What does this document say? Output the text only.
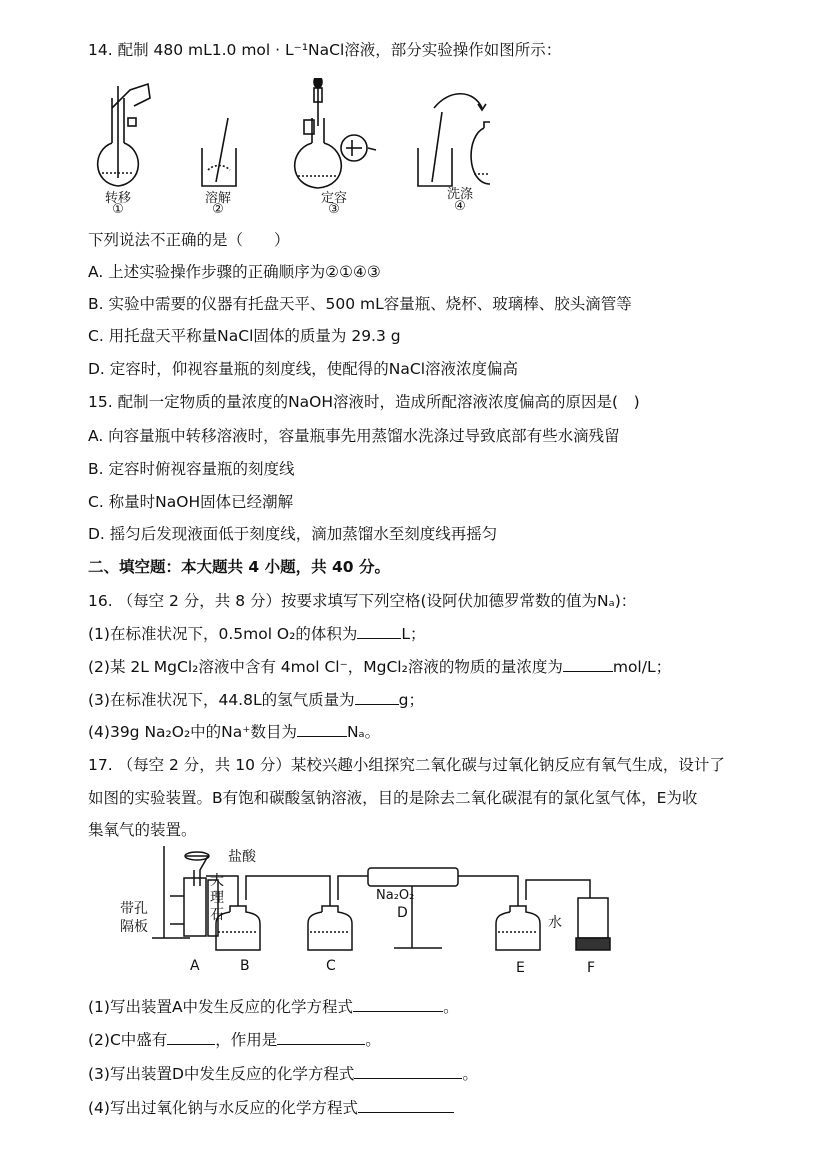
14. 配制 480 mL1.0 mol · L⁻¹NaCl溶液，部分实验操作如图所示：
转移
①
溶解
②
定容
③
洗涤
④
下列说法不正确的是（　　）
A. 上述实验操作步骤的正确顺序为②①④③
B. 实验中需要的仪器有托盘天平、500 mL容量瓶、烧杯、玻璃棒、胶头滴管等
C. 用托盘天平称量NaCl固体的质量为 29.3 g
D. 定容时，仰视容量瓶的刻度线，使配得的NaCl溶液浓度偏高
15. 配制一定物质的量浓度的NaOH溶液时，造成所配溶液浓度偏高的原因是(　)
A. 向容量瓶中转移溶液时，容量瓶事先用蒸馏水洗涤过导致底部有些水滴残留
B. 定容时俯视容量瓶的刻度线
C. 称量时NaOH固体已经潮解
D. 摇匀后发现液面低于刻度线，滴加蒸馏水至刻度线再摇匀
二、填空题：本大题共 4 小题，共 40 分。
16. （每空 2 分，共 8 分）按要求填写下列空格(设阿伏加德罗常数的值为Nₐ)：
(1)在标准状况下，0.5mol O₂的体积为	L；
(2)某 2L MgCl₂溶液中含有 4mol Cl⁻，MgCl₂溶液的物质的量浓度为	mol/L；
(3)在标准状况下，44.8L的氢气质量为	g；
(4)39g Na₂O₂中的Na⁺数目为	Nₐ。
17. （每空 2 分，共 10 分）某校兴趣小组探究二氧化碳与过氧化钠反应有氧气生成，设计了
如图的实验装置。B有饱和碳酸氢钠溶液，目的是除去二氧化碳混有的氯化氢气体，E为收
集氧气的装置。
盐酸
大
理
石
带孔
隔板
Na₂O₂
水
A	B	C
D
E	F
(1)写出装置A中发生反应的化学方程式	。
(2)C中盛有	，作用是	。
(3)写出装置D中发生反应的化学方程式	。
(4)写出过氧化钠与水反应的化学方程式
